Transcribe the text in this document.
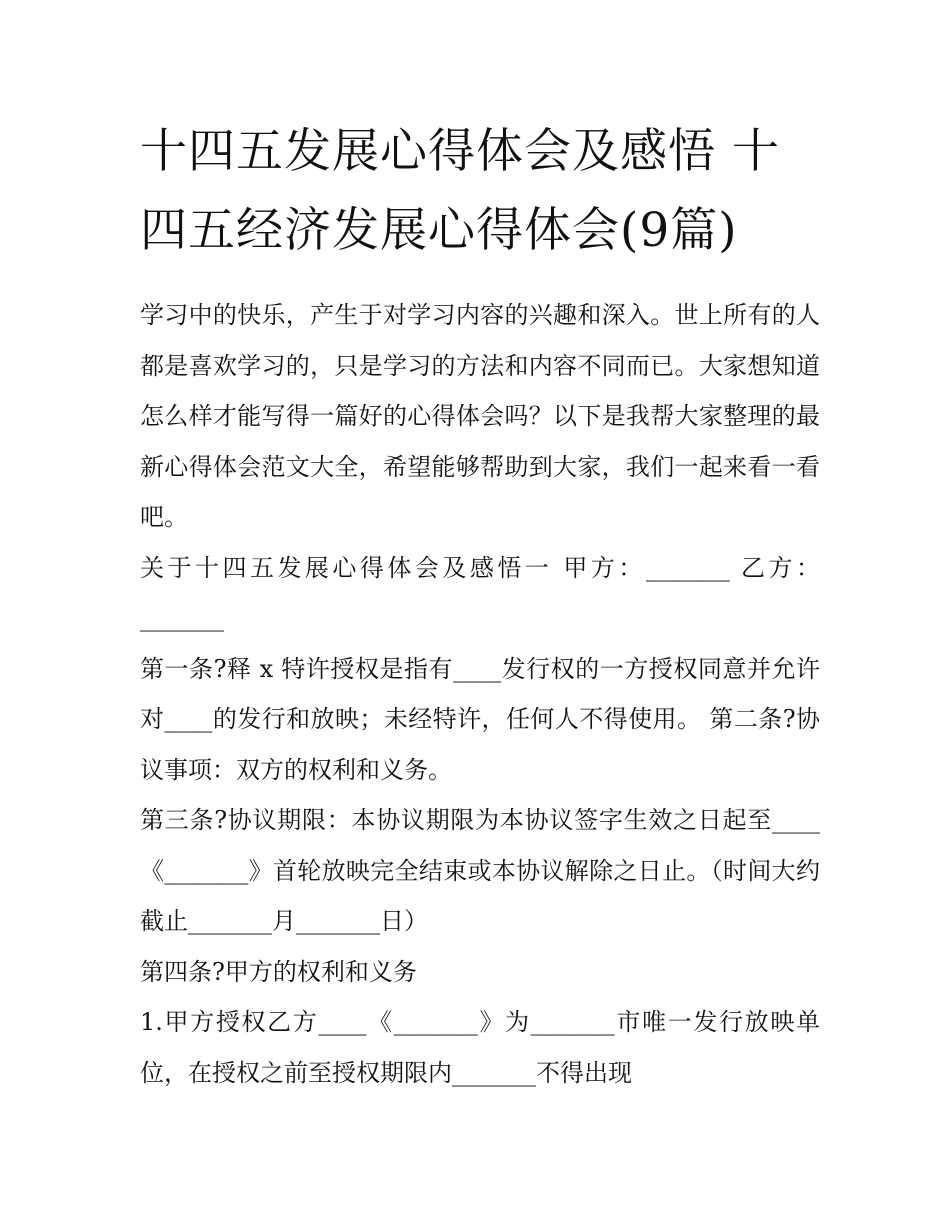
十四五发展心得体会及感悟 十四五经济发展心得体会(9篇)

学习中的快乐，产生于对学习内容的兴趣和深入。世上所有的人都是喜欢学习的，只是学习的方法和内容不同而已。大家想知道怎么样才能写得一篇好的心得体会吗？以下是我帮大家整理的最新心得体会范文大全，希望能够帮助到大家，我们一起来看一看吧。

关于十四五发展心得体会及感悟一 甲方：_______ 乙方：_______

第一条?释 x 特许授权是指有____发行权的一方授权同意并允许对____的发行和放映；未经特许，任何人不得使用。 第二条?协议事项：双方的权利和义务。

第三条?协议期限：本协议期限为本协议签字生效之日起至____《_______》首轮放映完全结束或本协议解除之日止。（时间大约截止_______月_______日）

第四条?甲方的权利和义务

1.甲方授权乙方____《_______》为_______市唯一发行放映单位，在授权之前至授权期限内_______不得出现
